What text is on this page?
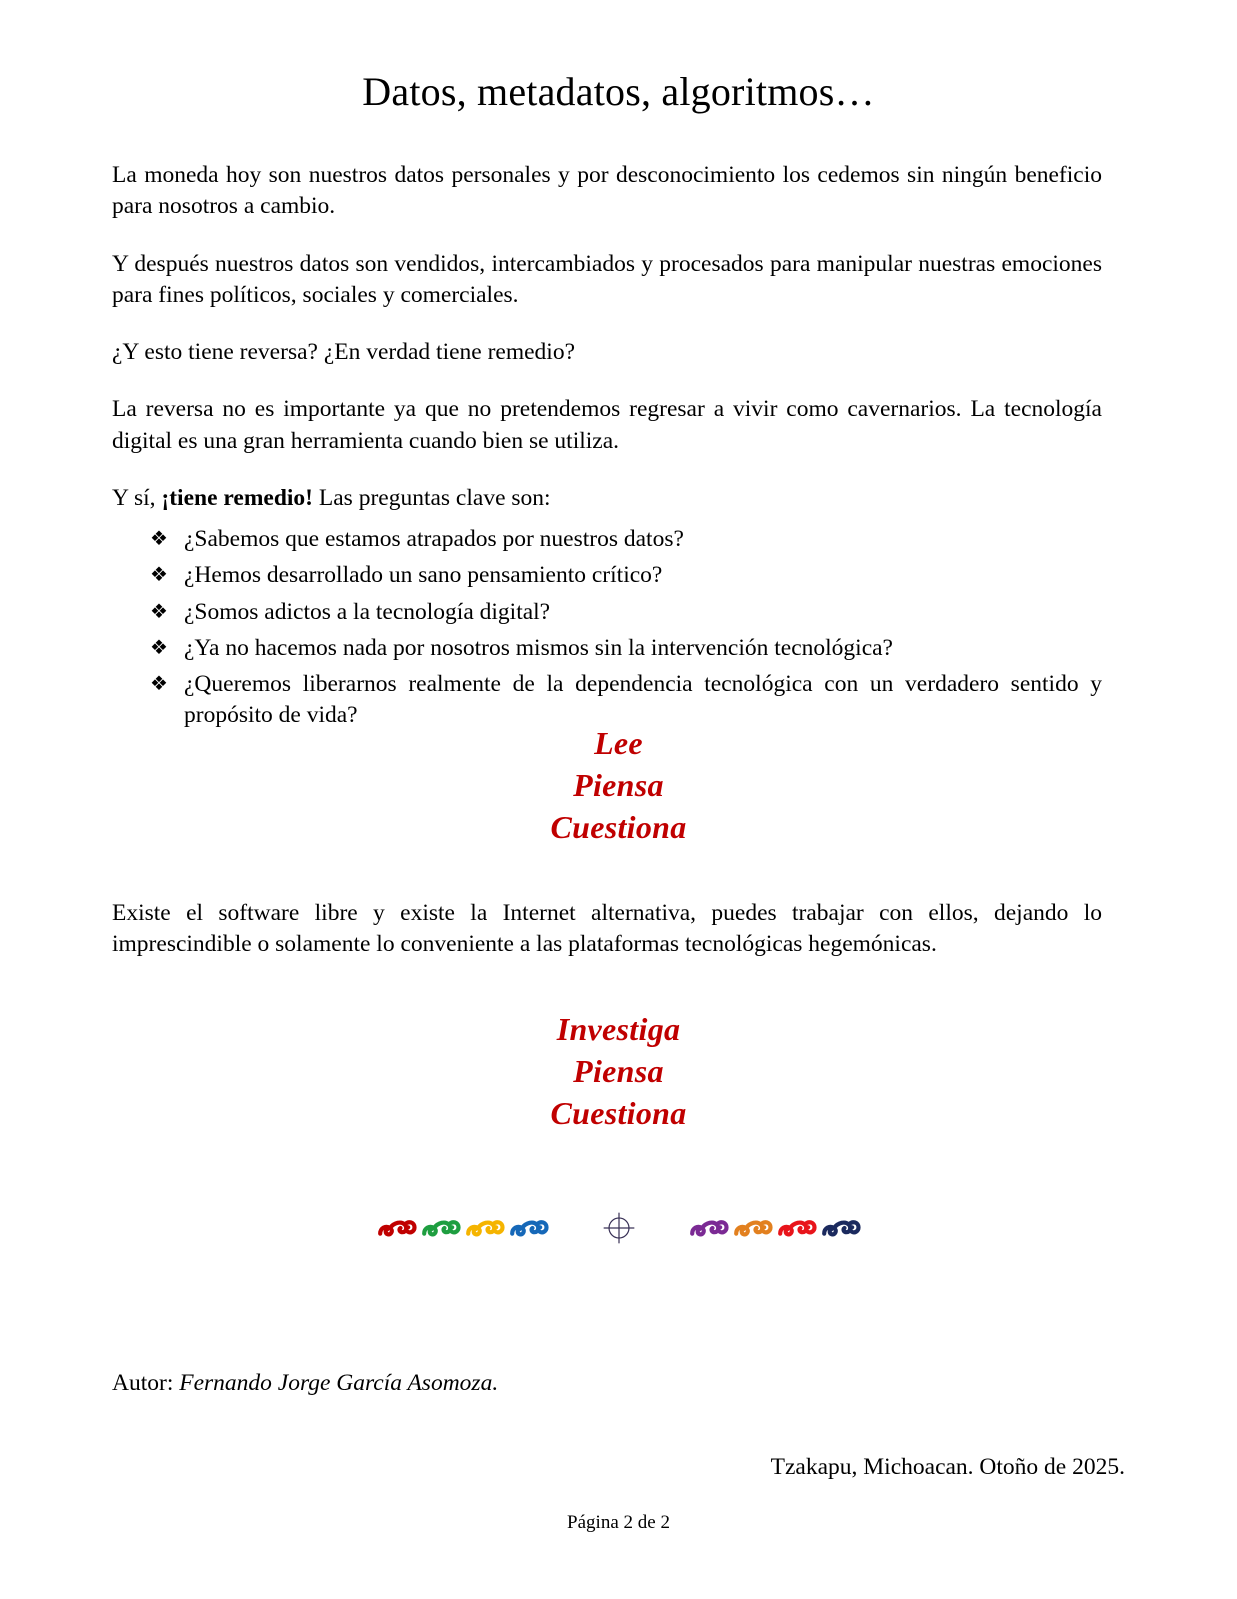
Datos, metadatos, algoritmos…

La moneda hoy son nuestros datos personales y por desconocimiento los cedemos sin ningún beneficio para nosotros a cambio.

Y después nuestros datos son vendidos, intercambiados y procesados para manipular nuestras emociones para fines políticos, sociales y comerciales.

¿Y esto tiene reversa? ¿En verdad tiene remedio?

La reversa no es importante ya que no pretendemos regresar a vivir como cavernarios. La tecnología digital es una gran herramienta cuando bien se utiliza.

Y sí, ¡tiene remedio! Las preguntas clave son:

❖ ¿Sabemos que estamos atrapados por nuestros datos?
❖ ¿Hemos desarrollado un sano pensamiento crítico?
❖ ¿Somos adictos a la tecnología digital?
❖ ¿Ya no hacemos nada por nosotros mismos sin la intervención tecnológica?
❖ ¿Queremos liberarnos realmente de la dependencia tecnológica con un verdadero sentido y propósito de vida?
Lee
Piensa
Cuestiona

Existe el software libre y existe la Internet alternativa, puedes trabajar con ellos, dejando lo imprescindible o solamente lo conveniente a las plataformas tecnológicas hegemónicas.

Investiga
Piensa
Cuestiona
Autor: Fernando Jorge García Asomoza.
Tzakapu, Michoacan. Otoño de 2025.
Página 2 de 2
